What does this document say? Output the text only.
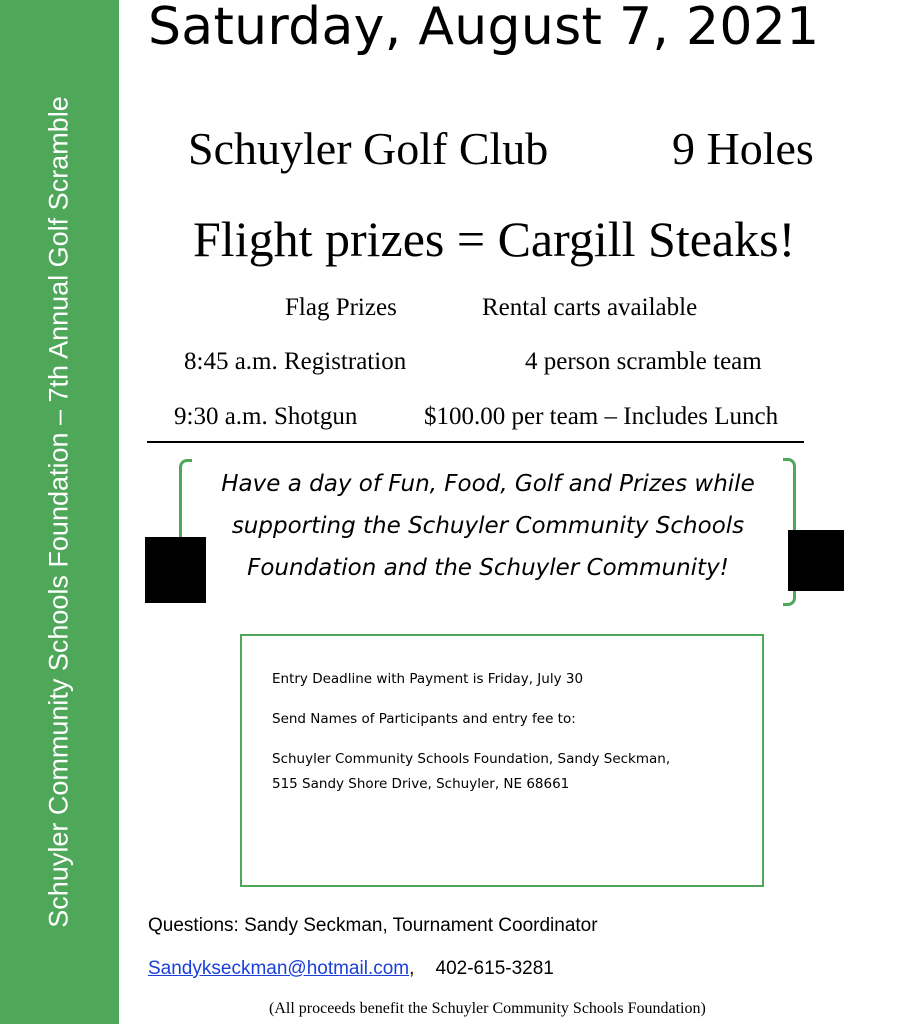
Schuyler Community Schools Foundation – 7th Annual Golf Scramble
Saturday, August 7, 2021
Schuyler Golf Club	9 Holes
Flight prizes = Cargill Steaks!
Flag Prizes	Rental carts available
8:45 a.m. Registration	4 person scramble team
9:30 a.m. Shotgun	$100.00 per team – Includes Lunch
Have a day of Fun, Food, Golf and Prizes while
supporting the Schuyler Community Schools
Foundation and the Schuyler Community!
Entry Deadline with Payment is Friday, July 30
Send Names of Participants and entry fee to:
Schuyler Community Schools Foundation, Sandy Seckman,
515 Sandy Shore Drive, Schuyler, NE 68661
Questions: Sandy Seckman, Tournament Coordinator
Sandykseckman@hotmail.com, 402-615-3281
(All proceeds benefit the Schuyler Community Schools Foundation)
